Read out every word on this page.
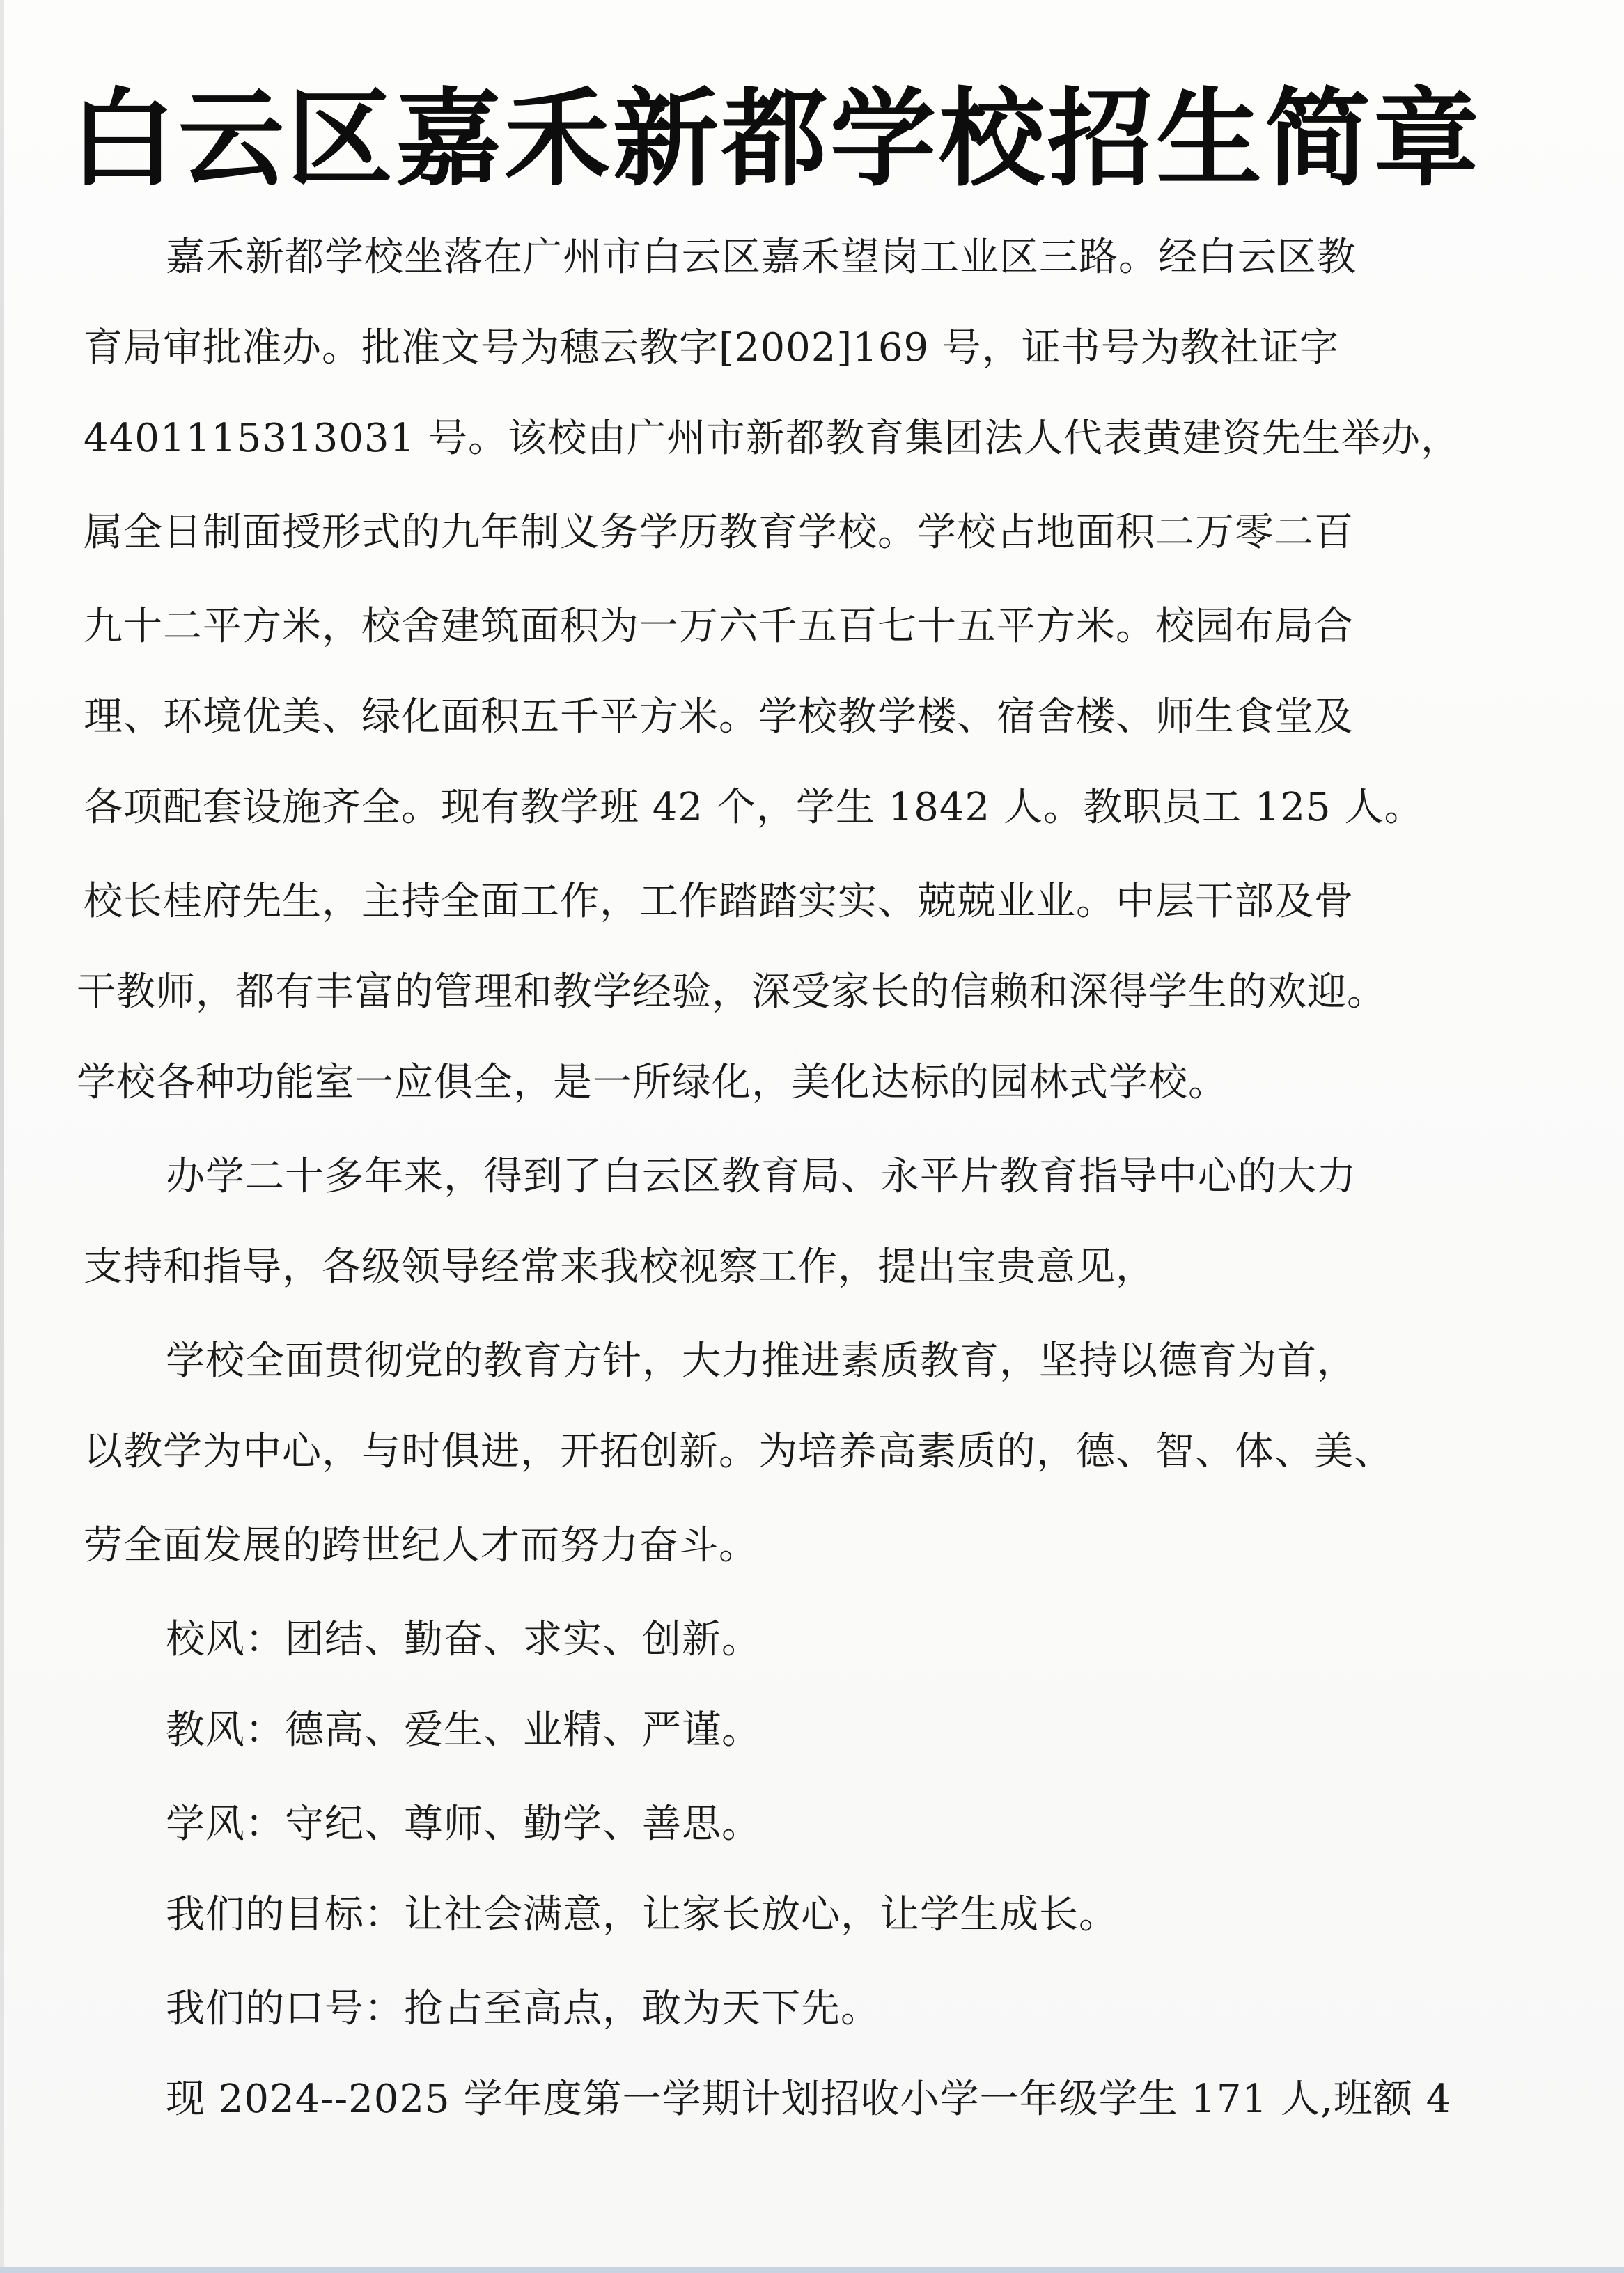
白云区嘉禾新都学校招生简章
嘉禾新都学校坐落在广州市白云区嘉禾望岗工业区三路。经白云区教
育局审批准办。批准文号为穗云教字[2002]169 号，证书号为教社证字
4401115313031 号。该校由广州市新都教育集团法人代表黄建资先生举办，
属全日制面授形式的九年制义务学历教育学校。学校占地面积二万零二百
九十二平方米，校舍建筑面积为一万六千五百七十五平方米。校园布局合
理、环境优美、绿化面积五千平方米。学校教学楼、宿舍楼、师生食堂及
各项配套设施齐全。现有教学班 42 个，学生 1842 人。教职员工 125 人。
校长桂府先生，主持全面工作，工作踏踏实实、兢兢业业。中层干部及骨
干教师，都有丰富的管理和教学经验，深受家长的信赖和深得学生的欢迎。
学校各种功能室一应俱全，是一所绿化，美化达标的园林式学校。
办学二十多年来，得到了白云区教育局、永平片教育指导中心的大力
支持和指导，各级领导经常来我校视察工作，提出宝贵意见，
学校全面贯彻党的教育方针，大力推进素质教育，坚持以德育为首，
以教学为中心，与时俱进，开拓创新。为培养高素质的，德、智、体、美、
劳全面发展的跨世纪人才而努力奋斗。
校风：团结、勤奋、求实、创新。
教风：德高、爱生、业精、严谨。
学风：守纪、尊师、勤学、善思。
我们的目标：让社会满意，让家长放心，让学生成长。
我们的口号：抢占至高点，敢为天下先。
现 2024--2025 学年度第一学期计划招收小学一年级学生 171 人,班额 4
